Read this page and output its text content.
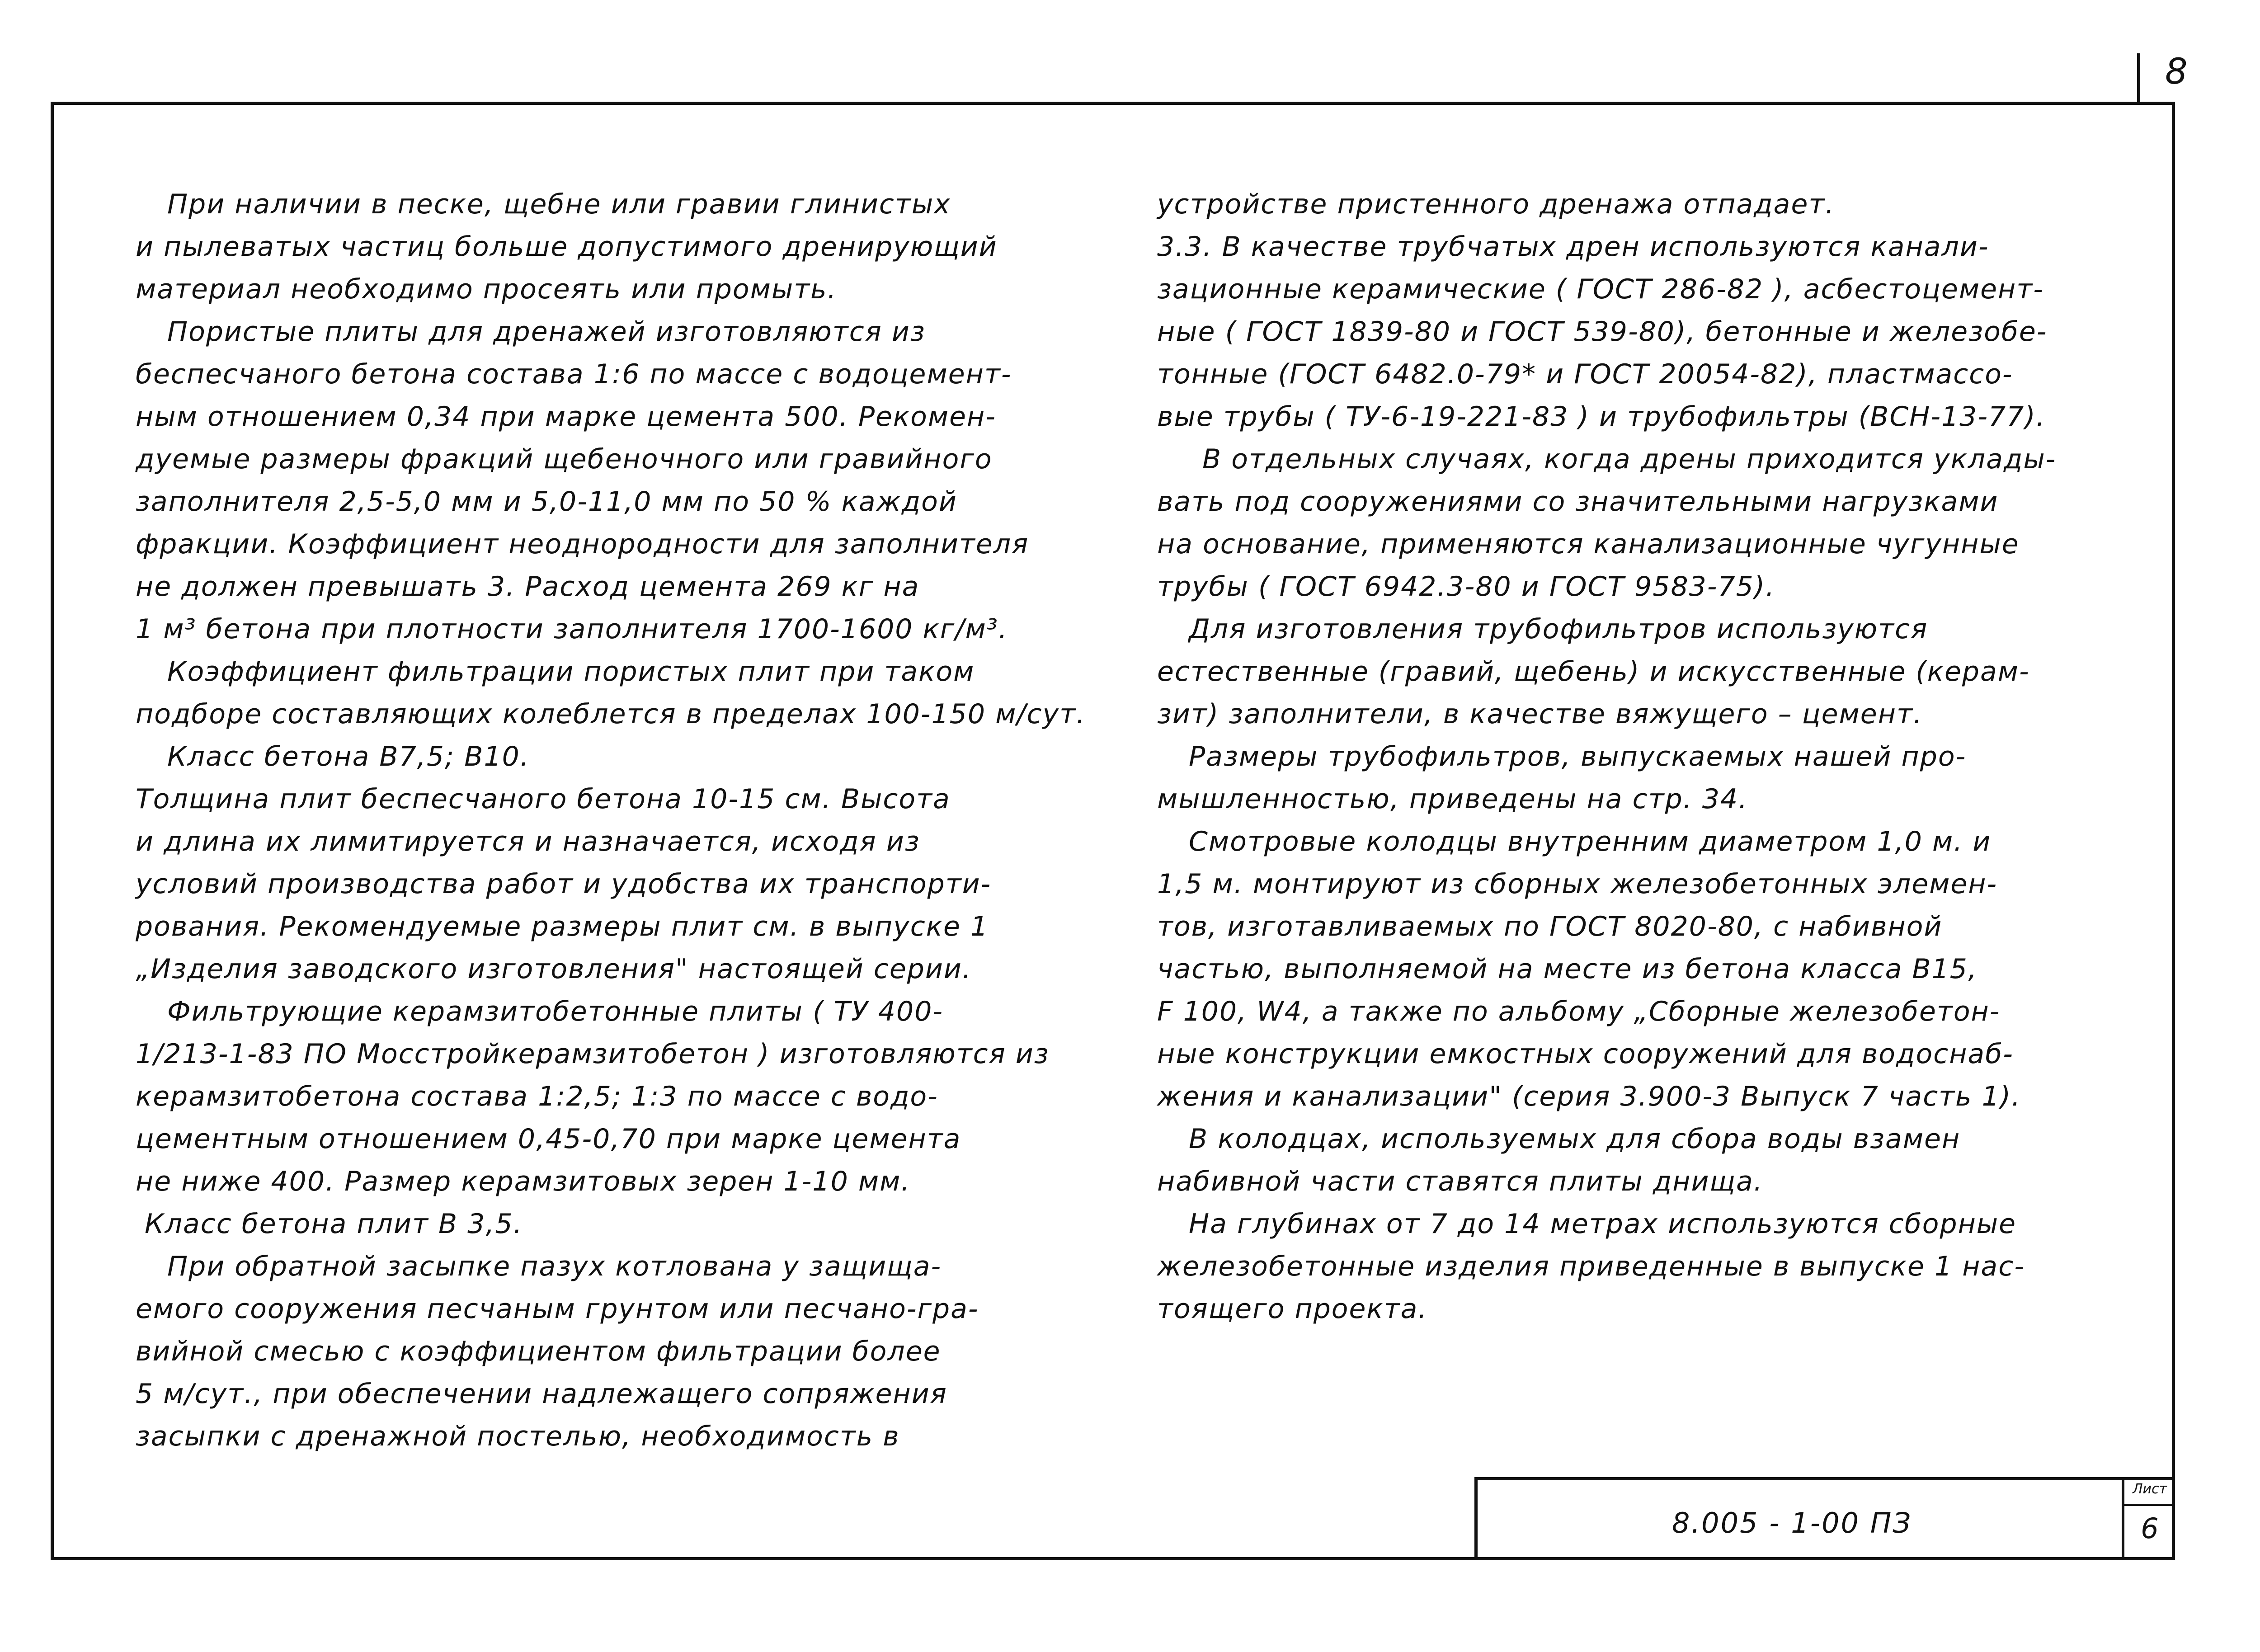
8
При наличии в песке, щебне или гравии глинистых
и пылеватых частиц больше допустимого дренирующий
материал необходимо просеять или промыть.
Пористые плиты для дренажей изготовляются из
беспесчаного бетона состава 1:6 по массе с водоцемент-
ным отношением 0,34 при марке цемента 500. Рекомен-
дуемые размеры фракций щебеночного или гравийного
заполнителя 2,5-5,0 мм и 5,0-11,0 мм по 50 % каждой
фракции. Коэффициент неоднородности для заполнителя
не должен превышать 3. Расход цемента 269 кг на
1 м³ бетона при плотности заполнителя 1700-1600 кг/м³.
Коэффициент фильтрации пористых плит при таком
подборе составляющих колеблется в пределах 100-150 м/сут.
Класс бетона В7,5; В10.
Толщина плит беспесчаного бетона 10-15 см. Высота
и длина их лимитируется и назначается, исходя из
условий производства работ и удобства их транспорти-
рования. Рекомендуемые размеры плит см. в выпуске 1
„Изделия заводского изготовления" настоящей серии.
Фильтрующие керамзитобетонные плиты ( ТУ 400-
1/213-1-83 ПО Мосстройкерамзитобетон ) изготовляются из
керамзитобетона состава 1:2,5; 1:3 по массе с водо-
цементным отношением 0,45-0,70 при марке цемента
не ниже 400. Размер керамзитовых зерен 1-10 мм.
Класс бетона плит В 3,5.
При обратной засыпке пазух котлована у защища-
емого сооружения песчаным грунтом или песчано-гра-
вийной смесью с коэффициентом фильтрации более
5 м/сут., при обеспечении надлежащего сопряжения
засыпки с дренажной постелью, необходимость в
устройстве пристенного дренажа отпадает.
3.3. В качестве трубчатых дрен используются канали-
зационные керамические ( ГОСТ 286-82 ), асбестоцемент-
ные ( ГОСТ 1839-80 и ГОСТ 539-80), бетонные и железобе-
тонные (ГОСТ 6482.0-79* и ГОСТ 20054-82), пластмассо-
вые трубы ( ТУ-6-19-221-83 ) и трубофильтры (ВСН-13-77).
В отдельных случаях, когда дрены приходится уклады-
вать под сооружениями со значительными нагрузками
на основание, применяются канализационные чугунные
трубы ( ГОСТ 6942.3-80 и ГОСТ 9583-75).
Для изготовления трубофильтров используются
естественные (гравий, щебень) и искусственные (керам-
зит) заполнители, в качестве вяжущего – цемент.
Размеры трубофильтров, выпускаемых нашей про-
мышленностью, приведены на стр. 34.
Смотровые колодцы внутренним диаметром 1,0 м. и
1,5 м. монтируют из сборных железобетонных элемен-
тов, изготавливаемых по ГОСТ 8020-80, с набивной
частью, выполняемой на месте из бетона класса В15,
F 100, W4, а также по альбому „Сборные железобетон-
ные конструкции емкостных сооружений для водоснаб-
жения и канализации" (серия 3.900-3 Выпуск 7 часть 1).
В колодцах, используемых для сбора воды взамен
набивной части ставятся плиты днища.
На глубинах от 7 до 14 метрах используются сборные
железобетонные изделия приведенные в выпуске 1 нас-
тоящего проекта.
8.005 - 1-00 ПЗ
Лист
6
